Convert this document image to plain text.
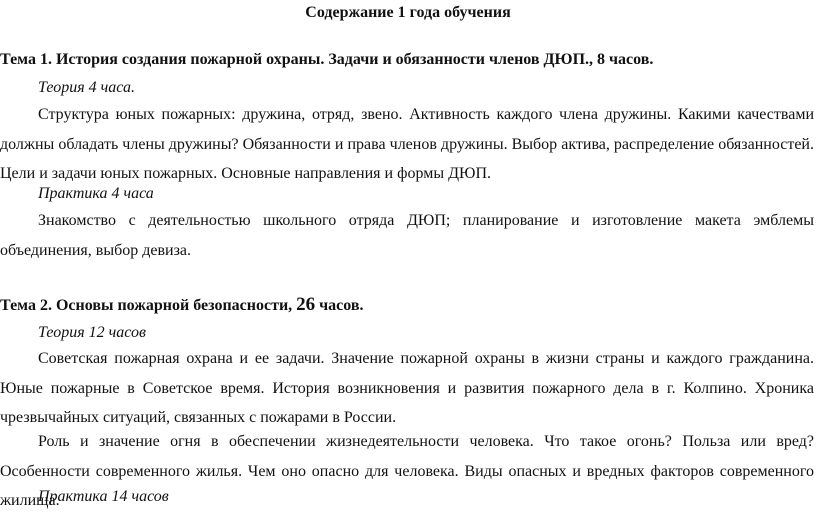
Содержание 1 года обучения
Тема 1. История создания пожарной охраны. Задачи и обязанности членов ДЮП., 8 часов.
Теория 4 часа.
Структура юных пожарных: дружина, отряд, звено. Активность каждого члена дружины. Какими качествами должны обладать члены дружины? Обязанности и права членов дружины. Выбор актива, распределение обязанностей. Цели и задачи юных пожарных. Основные направления и формы ДЮП.
Практика 4 часа
Знакомство с деятельностью школьного отряда ДЮП; планирование и изготовление макета эмблемы объединения, выбор девиза.
Тема 2. Основы пожарной безопасности, 26 часов.
Теория 12 часов
Советская пожарная охрана и ее задачи. Значение пожарной охраны в жизни страны и каждого гражданина. Юные пожарные в Советское время. История возникновения и развития пожарного дела в г. Колпино. Хроника чрезвычайных ситуаций, связанных с пожарами в России.
Роль и значение огня в обеспечении жизнедеятельности человека. Что такое огонь? Польза или вред? Особенности современного жилья. Чем оно опасно для человека. Виды опасных и вредных факторов современного жилища.
Практика 14 часов
